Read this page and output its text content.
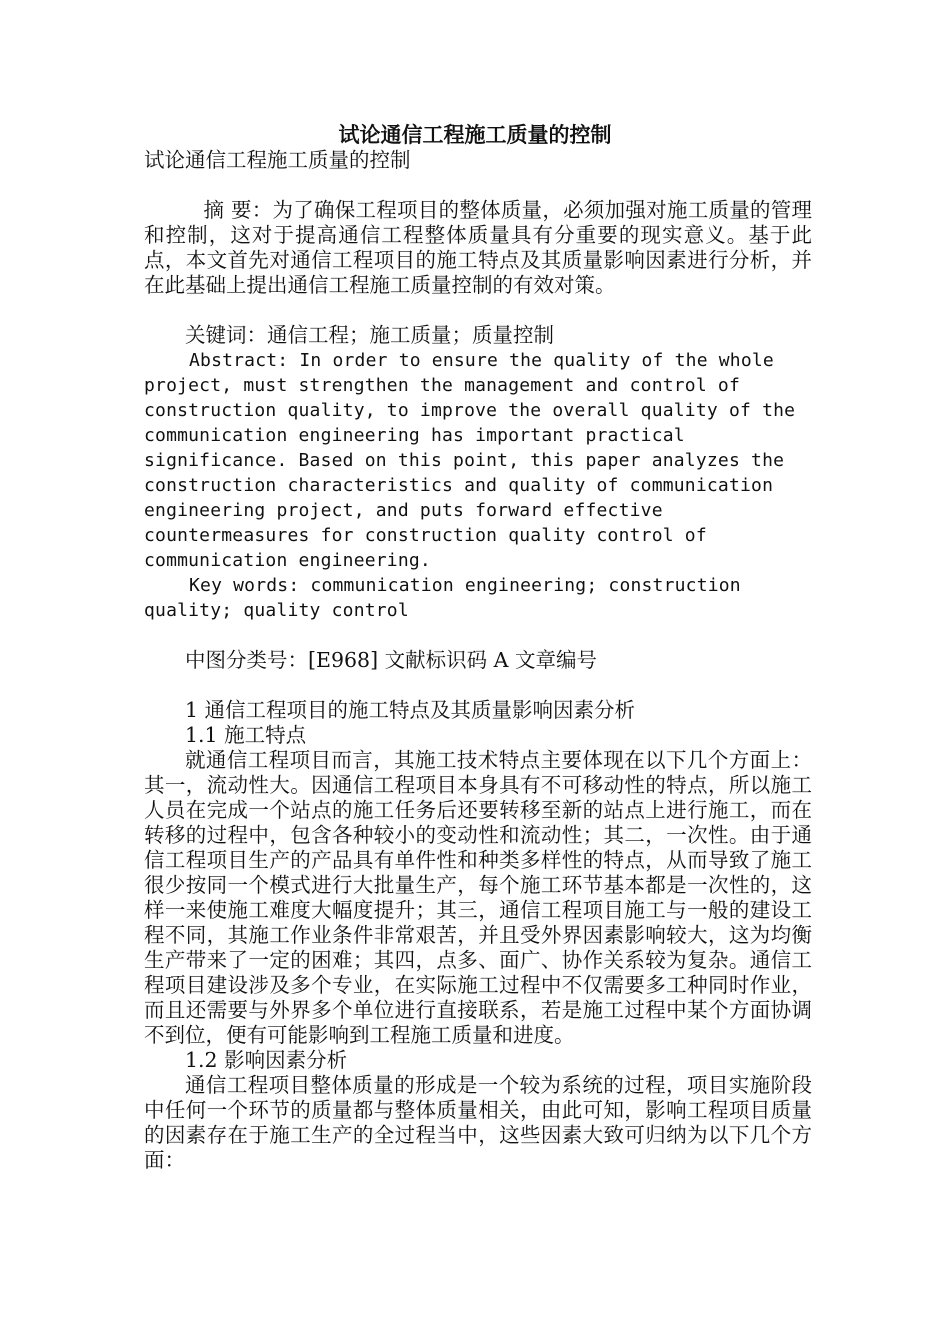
试论通信工程施工质量的控制

试论通信工程施工质量的控制

摘 要：为了确保工程项目的整体质量，必须加强对施工质量的管理和控制，这对于提高通信工程整体质量具有分重要的现实意义。基于此点，本文首先对通信工程项目的施工特点及其质量影响因素进行分析，并在此基础上提出通信工程施工质量控制的有效对策。

关键词：通信工程；施工质量；质量控制

Abstract: In order to ensure the quality of the whole project, must strengthen the management and control of construction quality, to improve the overall quality of the communication engineering has important practical significance. Based on this point, this paper analyzes the construction characteristics and quality of communication engineering project, and puts forward effective countermeasures for construction quality control of communication engineering.

Key words: communication engineering; construction quality; quality control

中图分类号：[E968] 文献标识码 A 文章编号

1 通信工程项目的施工特点及其质量影响因素分析

1.1 施工特点

就通信工程项目而言，其施工技术特点主要体现在以下几个方面上：其一，流动性大。因通信工程项目本身具有不可移动性的特点，所以施工人员在完成一个站点的施工任务后还要转移至新的站点上进行施工，而在转移的过程中，包含各种较小的变动性和流动性；其二，一次性。由于通信工程项目生产的产品具有单件性和种类多样性的特点，从而导致了施工很少按同一个模式进行大批量生产，每个施工环节基本都是一次性的，这样一来使施工难度大幅度提升；其三，通信工程项目施工与一般的建设工程不同，其施工作业条件非常艰苦，并且受外界因素影响较大，这为均衡生产带来了一定的困难；其四，点多、面广、协作关系较为复杂。通信工程项目建设涉及多个专业，在实际施工过程中不仅需要多工种同时作业，而且还需要与外界多个单位进行直接联系，若是施工过程中某个方面协调不到位，便有可能影响到工程施工质量和进度。

1.2 影响因素分析

通信工程项目整体质量的形成是一个较为系统的过程，项目实施阶段中任何一个环节的质量都与整体质量相关，由此可知，影响工程项目质量的因素存在于施工生产的全过程当中，这些因素大致可归纳为以下几个方面：
